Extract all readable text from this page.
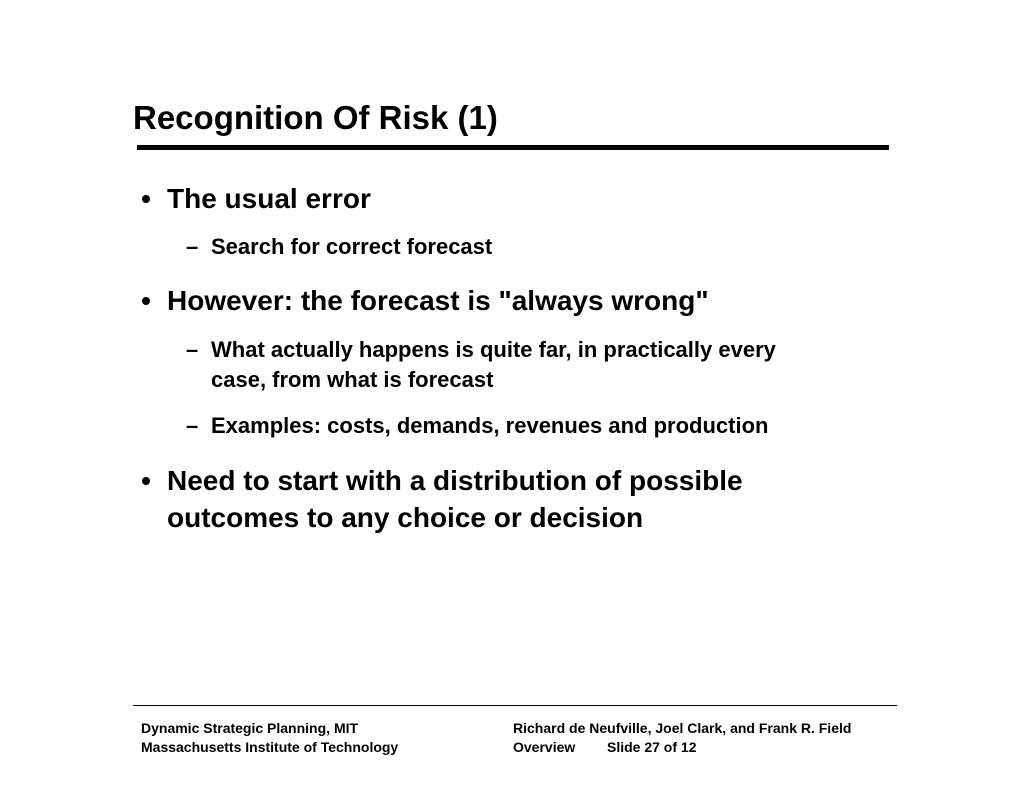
Recognition Of Risk (1)
The usual error
– Search for correct forecast
However: the forecast is "always wrong"
– What actually happens is quite far, in practically every
case, from what is forecast
– Examples: costs, demands, revenues and production
Need to start with a distribution of possible
outcomes to any choice or decision
Dynamic Strategic Planning, MIT
Massachusetts Institute of Technology
Richard de Neufville, Joel Clark, and Frank R. Field
Overview Slide 27 of 12
